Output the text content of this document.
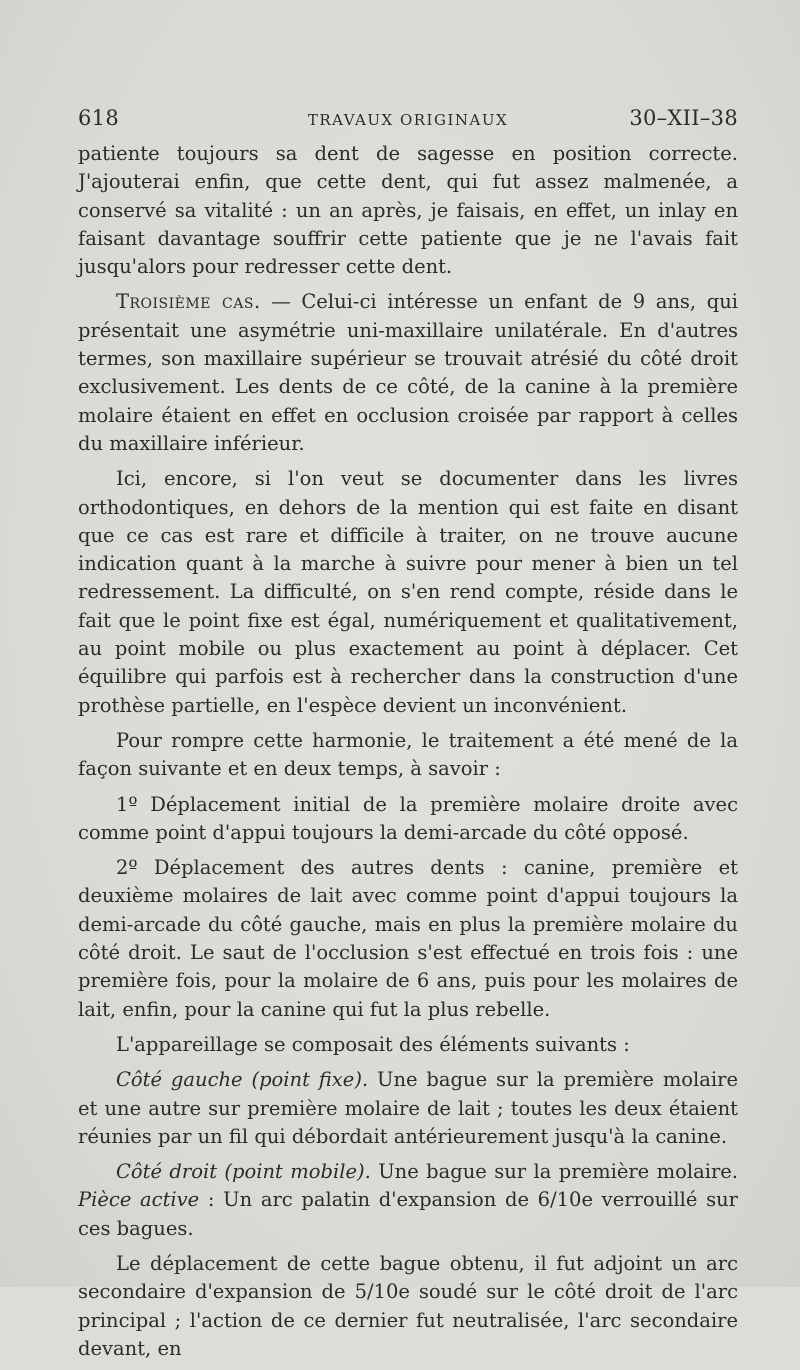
618	TRAVAUX ORIGINAUX	30–XII–38

patiente toujours sa dent de sagesse en position correcte. J'ajouterai enfin, que cette dent, qui fut assez malmenée, a conservé sa vitalité : un an après, je faisais, en effet, un inlay en faisant davantage souffrir cette patiente que je ne l'avais fait jusqu'alors pour redresser cette dent.

Troisième cas. — Celui-ci intéresse un enfant de 9 ans, qui présentait une asymétrie uni-maxillaire unilatérale. En d'autres termes, son maxillaire supérieur se trouvait atrésié du côté droit exclusivement. Les dents de ce côté, de la canine à la première molaire étaient en effet en occlusion croisée par rapport à celles du maxillaire inférieur.

Ici, encore, si l'on veut se documenter dans les livres orthodontiques, en dehors de la mention qui est faite en disant que ce cas est rare et difficile à traiter, on ne trouve aucune indication quant à la marche à suivre pour mener à bien un tel redressement. La difficulté, on s'en rend compte, réside dans le fait que le point fixe est égal, numériquement et qualitativement, au point mobile ou plus exactement au point à déplacer. Cet équilibre qui parfois est à rechercher dans la construction d'une prothèse partielle, en l'espèce devient un inconvénient.

Pour rompre cette harmonie, le traitement a été mené de la façon suivante et en deux temps, à savoir :

1º Déplacement initial de la première molaire droite avec comme point d'appui toujours la demi-arcade du côté opposé.

2º Déplacement des autres dents : canine, première et deuxième molaires de lait avec comme point d'appui toujours la demi-arcade du côté gauche, mais en plus la première molaire du côté droit. Le saut de l'occlusion s'est effectué en trois fois : une première fois, pour la molaire de 6 ans, puis pour les molaires de lait, enfin, pour la canine qui fut la plus rebelle.

L'appareillage se composait des éléments suivants :

Côté gauche (point fixe). Une bague sur la première molaire et une autre sur première molaire de lait ; toutes les deux étaient réunies par un fil qui débordait antérieurement jusqu'à la canine.

Côté droit (point mobile). Une bague sur la première molaire. Pièce active : Un arc palatin d'expansion de 6/10e verrouillé sur ces bagues.

Le déplacement de cette bague obtenu, il fut adjoint un arc secondaire d'expansion de 5/10e soudé sur le côté droit de l'arc principal ; l'action de ce dernier fut neutralisée, l'arc secondaire devant, en
